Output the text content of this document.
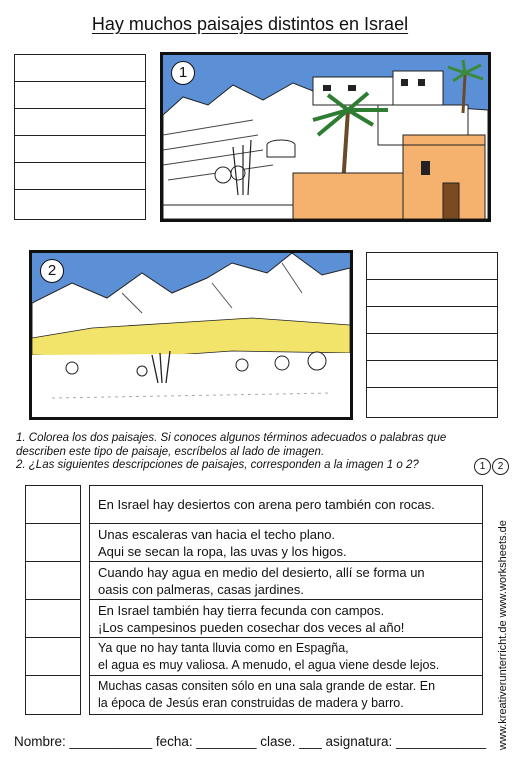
Hay muchos paisajes distintos en Israel
1
2

1. Colorea los dos paisajes. Si conoces algunos términos adecuados o palabras que describen este tipo de paisaje, escríbelos al lado de imagen.

2. ¿Las siguientes descripciones de paisajes, corresponden a la imagen 1 o 2?	1	2
En Israel hay desiertos con arena pero también con rocas.
Unas escaleras van hacia el techo plano.
Aqui se secan la ropa, las uvas y los higos.
Cuando hay agua en medio del desierto, allí se forma un
oasis con palmeras, casas jardines.
En Israel también hay tierra fecunda con campos.
¡Los campesinos pueden cosechar dos veces al año!
Ya que no hay tanta lluvia como en Espagña,
el agua es muy valiosa. A menudo, el agua viene desde lejos.
Muchas casas consiten sólo en una sala grande de estar. En
la época de Jesús eran construidas de madera y barro.	www.kreativerunterricht.de www.worksheets.de
Nombre: ___________ fecha: ________ clase. ___ asignatura: ____________
